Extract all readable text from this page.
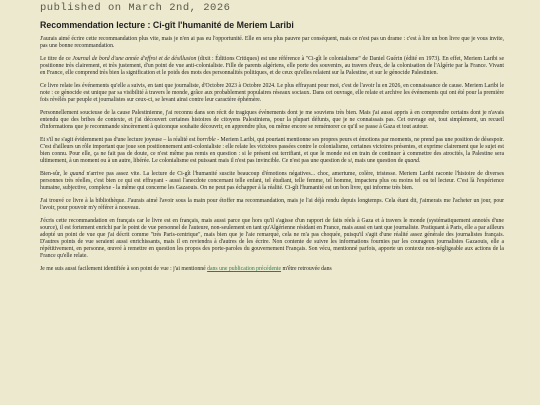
published on March 2nd, 2026
Recommendation lecture : Ci-gît l'humanité de Meriem Laribi

J'aurais aimé écrire cette recommandation plus vite, mais je n'en ai pas eu l'opportunité. Elle en sera plus pauvre par conséquent, mais ce n'est pas un drame : c'est à lire un bon livre que je vous invite, pas une bonne recommandation.

Le titre de ce Journal de bord d'une année d'effroi et de désillusion (dixit : Éditions Critiques) est une référence à "Ci-gît le colonialisme" de Daniel Guérin (édité en 1973). En effet, Meriem Laribi se positionne très clairement, et très justement, d'un point de vue anti-colonialiste. Fille de parents algériens, elle porte des souvenirs, au travers d'eux, de la colonisation de l'Algérie par la France. Vivant en France, elle comprend très bien la signification et le poids des mots des personnalités politiques, et de ceux qu'elles relaient sur la Palestine, et sur le génocide Palestinien.

Ce livre relate les événements qu'elle a suivis, en tant que journaliste, d'Octobre 2023 à Octobre 2024. Le plus effrayant pour moi, c'est de l'avoir lu en 2026, en connaissance de cause. Meriem Laribi le note : ce génocide est unique par sa visibilité à travers le monde, grâce aux probablement populaires réseaux sociaux. Dans cet ouvrage, elle relate et archive les événements qui ont été pour la première fois révélés par peuple et journalistes sur ceux-ci, se levant ainsi contre leur caractère éphémère.

Personnellement soucieuse de la cause Palestinienne, j'ai reconnu dans son récit de tragiques événements dont je me souviens très bien. Mais j'ai aussi appris à en comprendre certains dont je n'avais entendu que des bribes de contexte, et j'ai découvert certaines histoires de citoyens Palestiniens, pour la plupart défunts, que je ne connaissais pas. Cet ouvrage est, tout simplement, un recueil d'informations que je recommande sincèrement à quiconque souhaite découvrir, en apprendre plus, ou même encore se remémorer ce qu'il se passe à Gaza et tout autour.

Et s'il ne s'agit évidemment pas d'une lecture joyeuse – la réalité est horrible - Meriem Laribi, qui pourtant mentionne ses propres peurs et émotions par moments, ne prend pas une position de désespoir. C'est d'ailleurs un rôle important que joue son positionnement anti-colonialiste : elle relate les victoires passées contre le colonialisme, certaines victoires présentes, et exprime clairement que le sujet est bien connu. Pour elle, ça ne fait pas de doute, ce n'est même pas remis en question : si le présent est terrifiant, et que le monde est en train de continuer à commettre des atrocités, la Palestine sera ultimement, à un moment ou à un autre, libérée. Le colonialisme est puissant mais il n'est pas invincible. Ce n'est pas une question de si, mais une question de quand.

Bien-sûr, le quand n'arrive pas assez vite. La lecture de Ci-gît l'humanité suscite beaucoup d'émotions négatives... choc, amertume, colère, tristesse. Meriem Laribi raconte l'histoire de diverses personnes très réelles, c'est bien ce qui est effrayant - aussi l'anecdote concernant telle enfant, tel étudiant, telle femme, tel homme, impactera plus ou moins tel ou tel lecteur. C'est là l'expérience humaine, subjective, complexe - la même qui concerne les Gazaouis. On ne peut pas échapper à la réalité. Ci-gît l'humanité est un bon livre, qui informe très bien.

J'ai trouvé ce livre à la bibliothèque. J'aurais aimé l'avoir sous la main pour étoffer ma recommandation, mais je l'ai déjà rendu depuis longtemps. Cela étant dit, j'aimerais me l'acheter un jour, pour l'avoir, pour pouvoir m'y référer à nouveau.

J'écris cette recommandation en français car le livre est en français, mais aussi parce que hors qu'il s'agisse d'un rapport de faits réels à Gaza et à travers le monde (systématiquement annotés d'une source), il est fortement enrichi par le point de vue personnel de l'auteure, non-seulement en tant qu'Algérienne résidant en France, mais aussi en tant que journaliste. Pratiquant à Paris, elle a par ailleurs adopté un point de vue que j'ai décrit comme "très Paris-centrique", mais bien que je l'aie remarqué, cela ne m'a pas choquée, puisqu'il s'agit d'une réalité assez générale des journalistes français. D'autres points de vue seraient aussi enrichissants, mais il en reviendra à d'autres de les écrire. Non contente de suivre les informations fournies par les courageux journalistes Gazaouis, elle a répétitivement, en personne, œuvré à remettre en question les propos des porte-paroles du gouvernement Français. Son vécu, mentionné parfois, apporte un contexte non-négligeable aux actions de la France qu'elle relate.

Je me suis aussi facilement identifiée à son point de vue : j'ai mentionné dans une publication précédente m'être retrouvée dans
